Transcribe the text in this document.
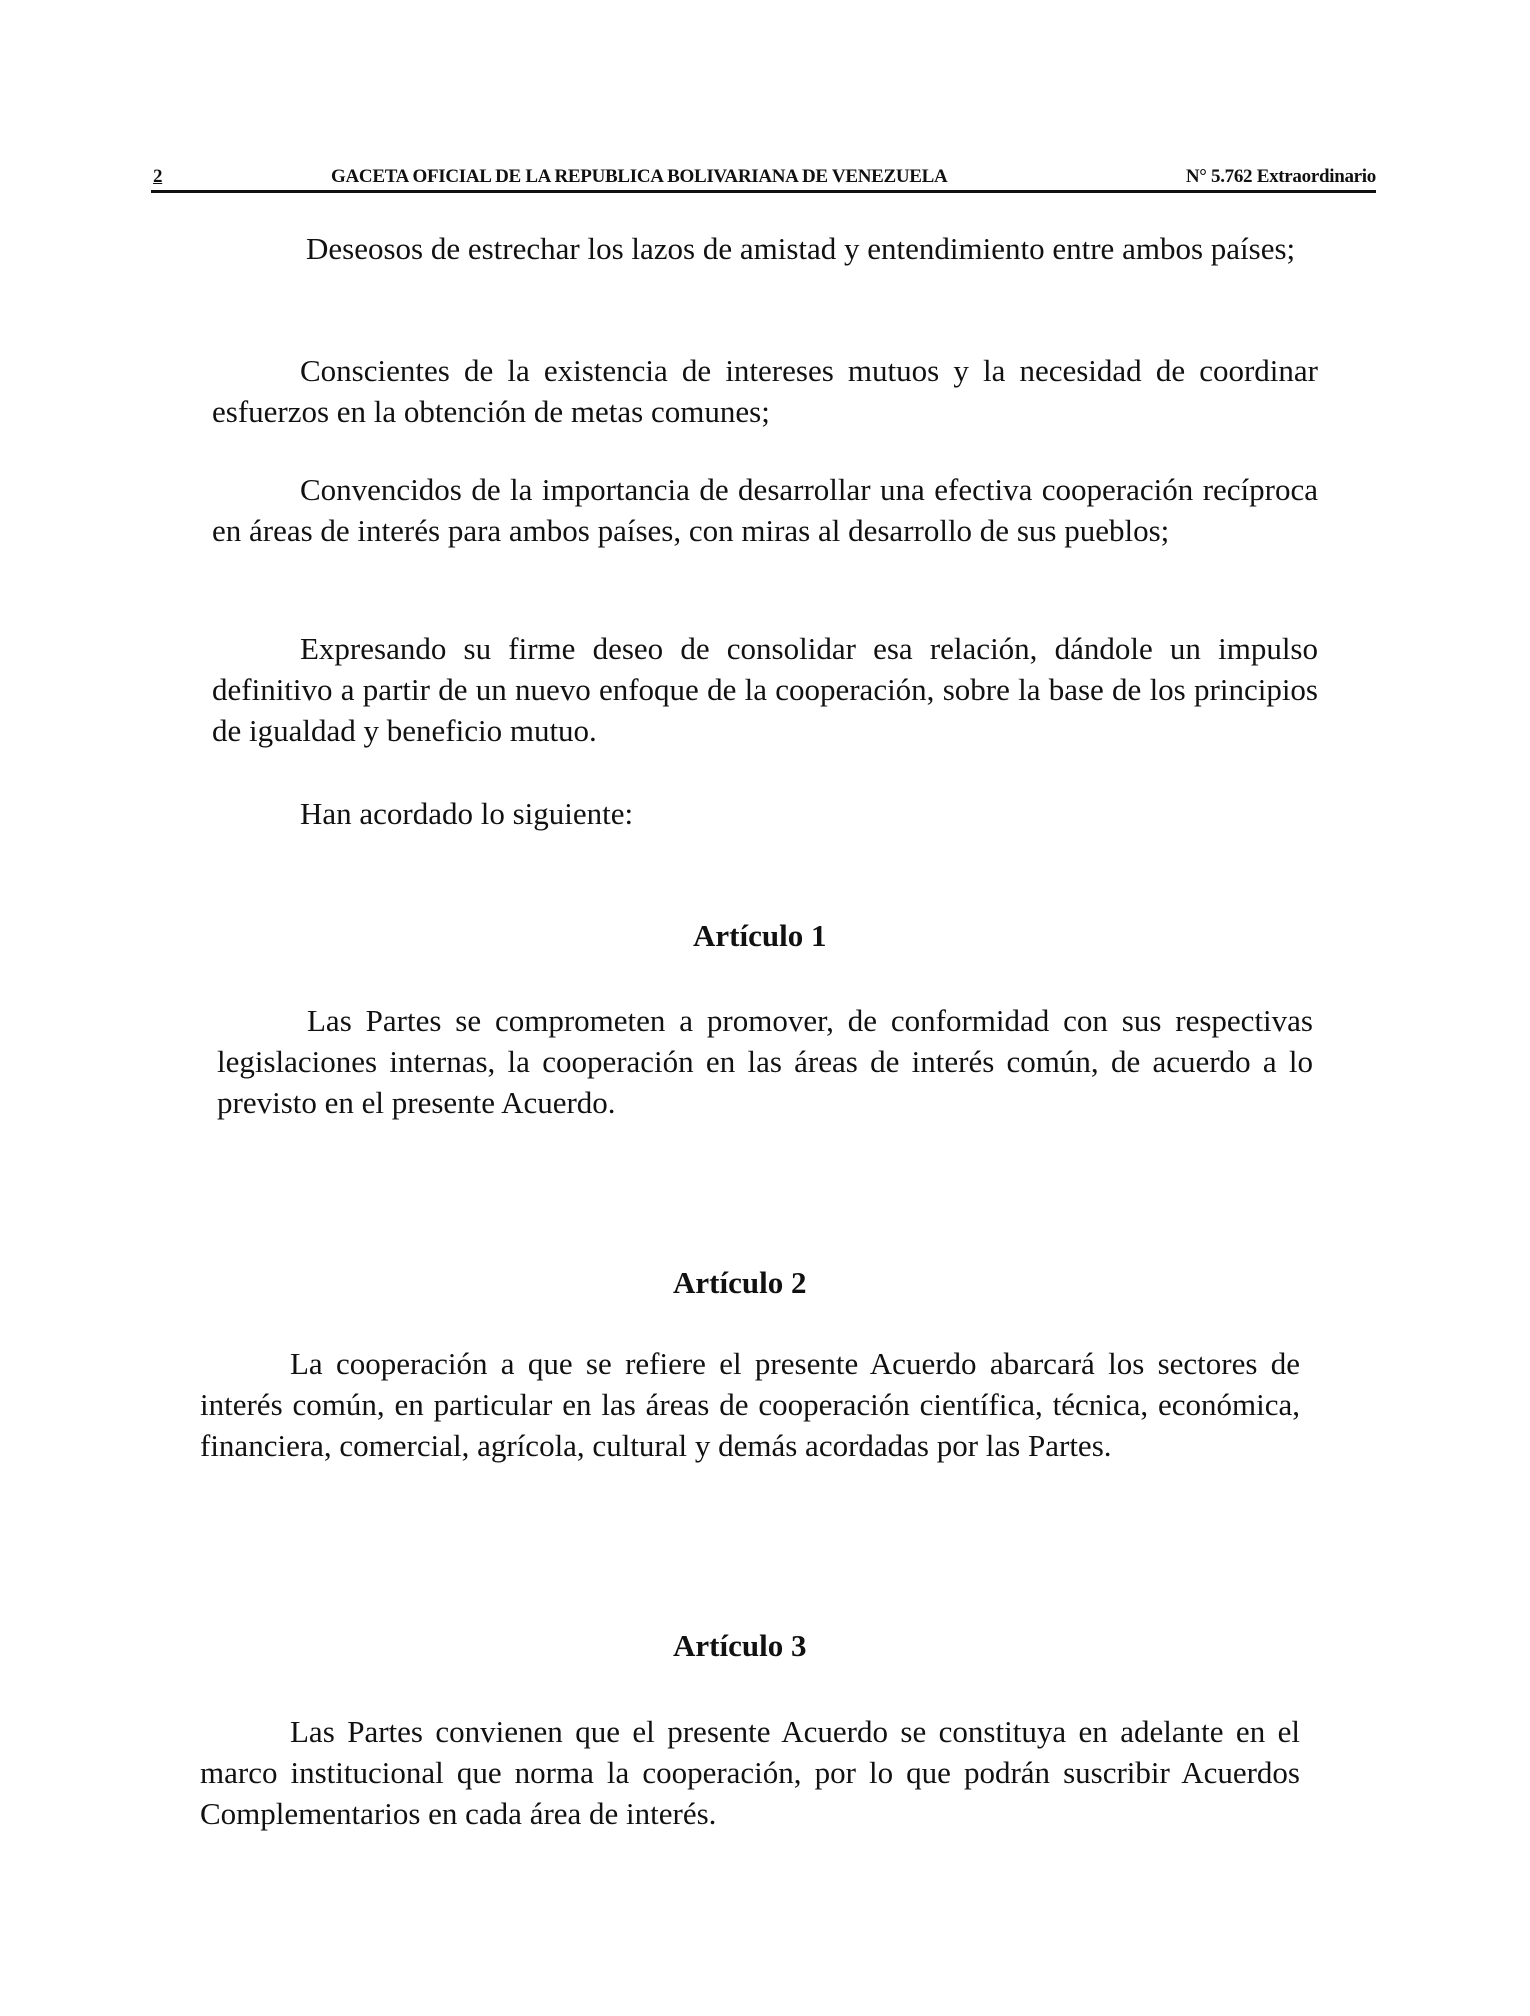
2	GACETA OFICIAL DE LA REPUBLICA BOLIVARIANA DE VENEZUELA	N° 5.762 Extraordinario

Deseosos de estrechar los lazos de amistad y entendimiento entre ambos países;

Conscientes de la existencia de intereses mutuos y la necesidad de coordinar esfuerzos en la obtención de metas comunes;

Convencidos de la importancia de desarrollar una efectiva cooperación recíproca en áreas de interés para ambos países, con miras al desarrollo de sus pueblos;

Expresando su firme deseo de consolidar esa relación, dándole un impulso definitivo a partir de un nuevo enfoque de la cooperación, sobre la base de los principios de igualdad y beneficio mutuo.

Han acordado lo siguiente:

Artículo 1

Las Partes se comprometen a promover, de conformidad con sus respectivas legislaciones internas, la cooperación en las áreas de interés común, de acuerdo a lo previsto en el presente Acuerdo.

Artículo 2

La cooperación a que se refiere el presente Acuerdo abarcará los sectores de interés común, en particular en las áreas de cooperación científica, técnica, económica, financiera, comercial, agrícola, cultural y demás acordadas por las Partes.

Artículo 3

Las Partes convienen que el presente Acuerdo se constituya en adelante en el marco institucional que norma la cooperación, por lo que podrán suscribir Acuerdos Complementarios en cada área de interés.
